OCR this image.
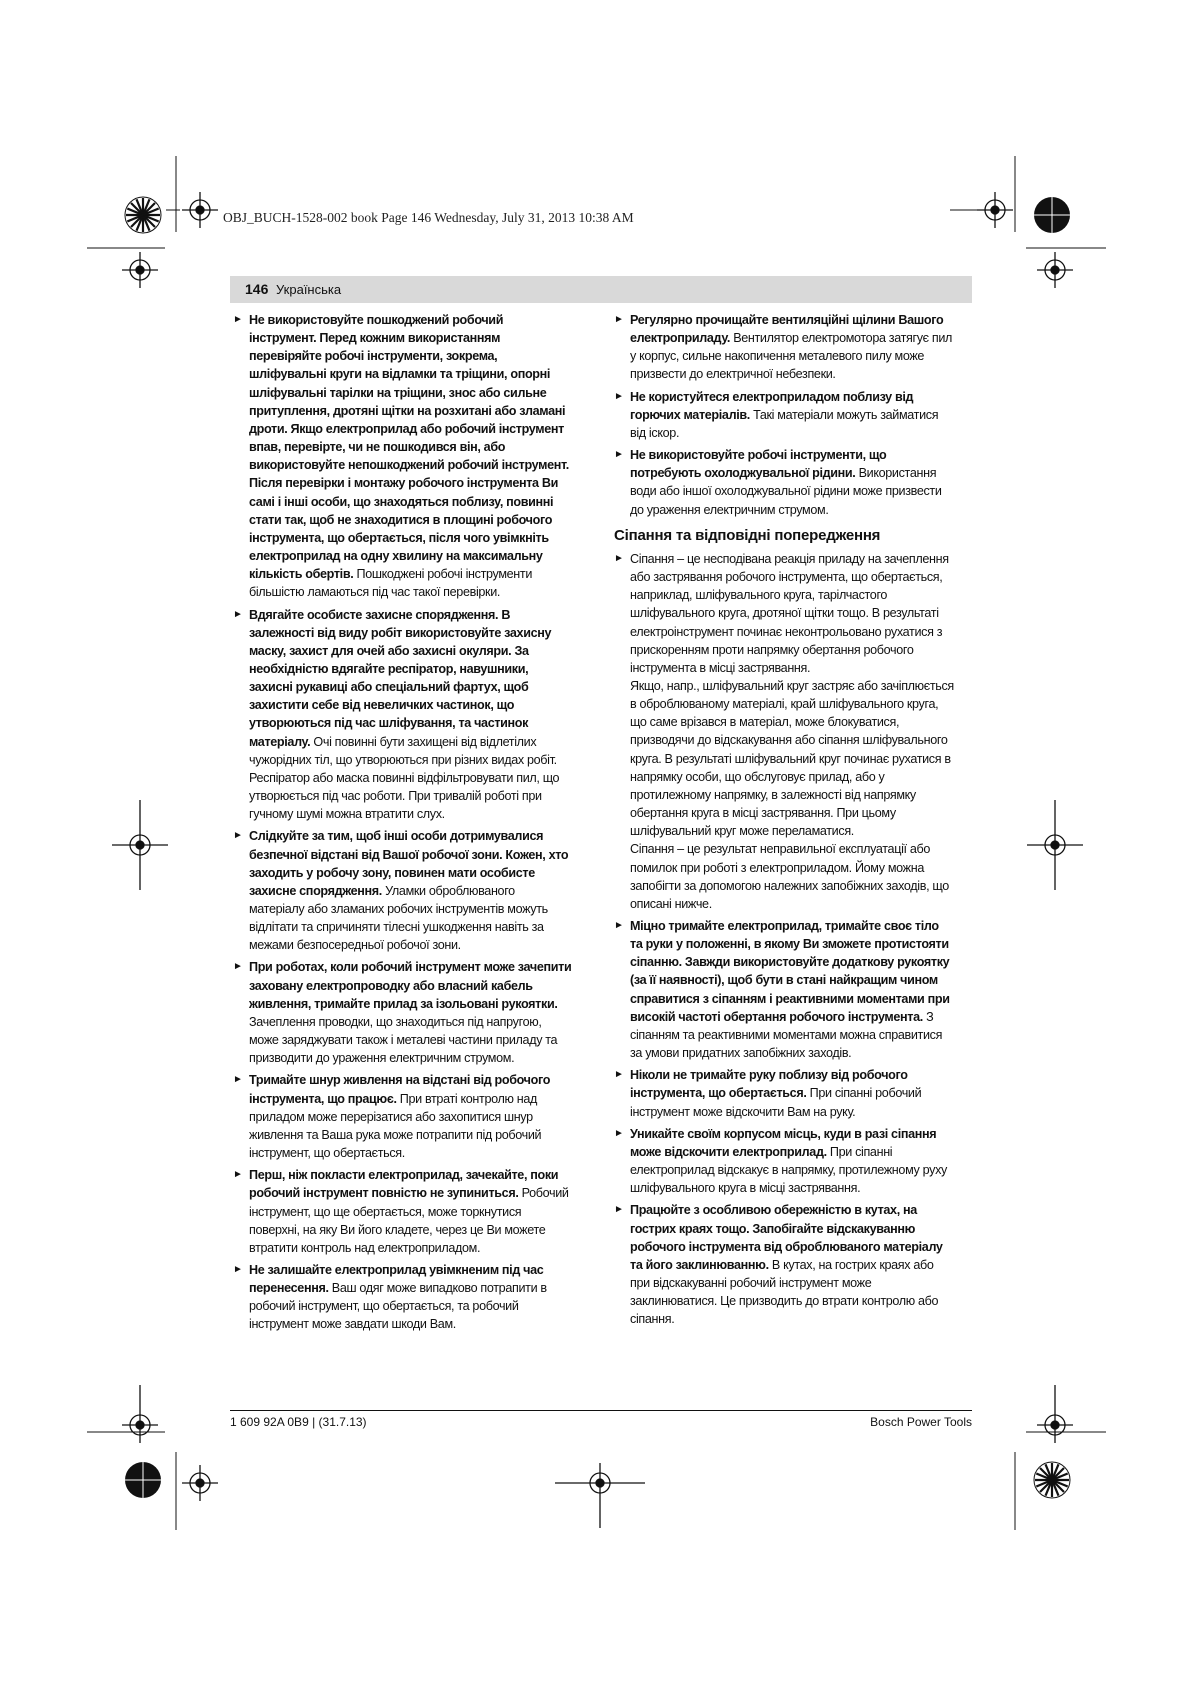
OBJ_BUCH-1528-002 book Page 146 Wednesday, July 31, 2013 10:38 AM
146 Українська
► Не використовуйте пошкоджений робочий інструмент. Перед кожним використанням перевіряйте робочі інструменти, зокрема, шліфувальні круги на відламки та тріщини, опорні шліфувальні тарілки на тріщини, знос або сильне притуплення, дротяні щітки на розхитані або зламані дроти. Якщо електроприлад або робочий інструмент впав, перевірте, чи не пошкодився він, або використовуйте непошкоджений робочий інструмент. Після перевірки і монтажу робочого інструмента Ви самі і інші особи, що знаходяться поблизу, повинні стати так, щоб не знаходитися в площині робочого інструмента, що обертається, після чого увімкніть електроприлад на одну хвилину на максимальну кількість обертів. Пошкоджені робочі інструменти більшістю ламаються під час такої перевірки.
► Вдягайте особисте захисне спорядження. В залежності від виду робіт використовуйте захисну маску, захист для очей або захисні окуляри. За необхідністю вдягайте респіратор, навушники, захисні рукавиці або спеціальний фартух, щоб захистити себе від невеличких частинок, що утворюються під час шліфування, та частинок матеріалу. Очі повинні бути захищені від відлетілих чужорідних тіл, що утворюються при різних видах робіт. Респіратор або маска повинні відфільтровувати пил, що утворюється під час роботи. При тривалій роботі при гучному шумі можна втратити слух.
► Слідкуйте за тим, щоб інші особи дотримувалися безпечної відстані від Вашої робочої зони. Кожен, хто заходить у робочу зону, повинен мати особисте захисне спорядження. Уламки оброблюваного матеріалу або зламаних робочих інструментів можуть відлітати та спричиняти тілесні ушкодження навіть за межами безпосередньої робочої зони.
► При роботах, коли робочий інструмент може зачепити заховану електропроводку або власний кабель живлення, тримайте прилад за ізольовані рукоятки. Зачеплення проводки, що знаходиться під напругою, може заряджувати також і металеві частини приладу та призводити до ураження електричним струмом.
► Тримайте шнур живлення на відстані від робочого інструмента, що працює. При втраті контролю над приладом може перерізатися або захопитися шнур живлення та Ваша рука може потрапити під робочий інструмент, що обертається.
► Перш, ніж покласти електроприлад, зачекайте, поки робочий інструмент повністю не зупиниться. Робочий інструмент, що ще обертається, може торкнутися поверхні, на яку Ви його кладете, через це Ви можете втратити контроль над електроприладом.
► Не залишайте електроприлад увімкненим під час перенесення. Ваш одяг може випадково потрапити в робочий інструмент, що обертається, та робочий інструмент може завдати шкоди Вам.
► Регулярно прочищайте вентиляційні щілини Вашого електроприладу. Вентилятор електромотора затягує пил у корпус, сильне накопичення металевого пилу може призвести до електричної небезпеки.
► Не користуйтеся електроприладом поблизу від горючих матеріалів. Такі матеріали можуть займатися від іскор.
► Не використовуйте робочі інструменти, що потребують охолоджувальної рідини. Використання води або іншої охолоджувальної рідини може призвести до ураження електричним струмом.
Сіпання та відповідні попередження
► Сіпання – це несподівана реакція приладу на зачеплення або застрявання робочого інструмента, що обертається, наприклад, шліфувального круга, тарілчастого шліфувального круга, дротяної щітки тощо. В результаті електроінструмент починає неконтрольовано рухатися з прискоренням проти напрямку обертання робочого інструмента в місці застрявання.

Якщо, напр., шліфувальний круг застряє або зачіплюється в оброблюваному матеріалі, край шліфувального круга, що саме врізався в матеріал, може блокуватися, призводячи до відскакування або сіпання шліфувального круга. В результаті шліфувальний круг починає рухатися в напрямку особи, що обслуговує прилад, або у протилежному напрямку, в залежності від напрямку обертання круга в місці застрявання. При цьому шліфувальний круг може переламатися.

Сіпання – це результат неправильної експлуатації або помилок при роботі з електроприладом. Йому можна запобігти за допомогою належних запобіжних заходів, що описані нижче.

► Міцно тримайте електроприлад, тримайте своє тіло та руки у положенні, в якому Ви зможете протистояти сіпанню. Завжди використовуйте додаткову рукоятку (за її наявності), щоб бути в стані найкращим чином справитися з сіпанням і реактивними моментами при високій частоті обертання робочого інструмента. З сіпанням та реактивними моментами можна справитися за умови придатних запобіжних заходів.
► Ніколи не тримайте руку поблизу від робочого інструмента, що обертається. При сіпанні робочий інструмент може відскочити Вам на руку.
► Уникайте своїм корпусом місць, куди в разі сіпання може відскочити електроприлад. При сіпанні електроприлад відскакує в напрямку, протилежному руху шліфувального круга в місці застрявання.
► Працюйте з особливою обережністю в кутах, на гострих краях тощо. Запобігайте відскакуванню робочого інструмента від оброблюваного матеріалу та його заклинюванню. В кутах, на гострих краях або при відскакуванні робочий інструмент може заклинюватися. Це призводить до втрати контролю або сіпання.
1 609 92A 0B9 | (31.7.13)	Bosch Power Tools
